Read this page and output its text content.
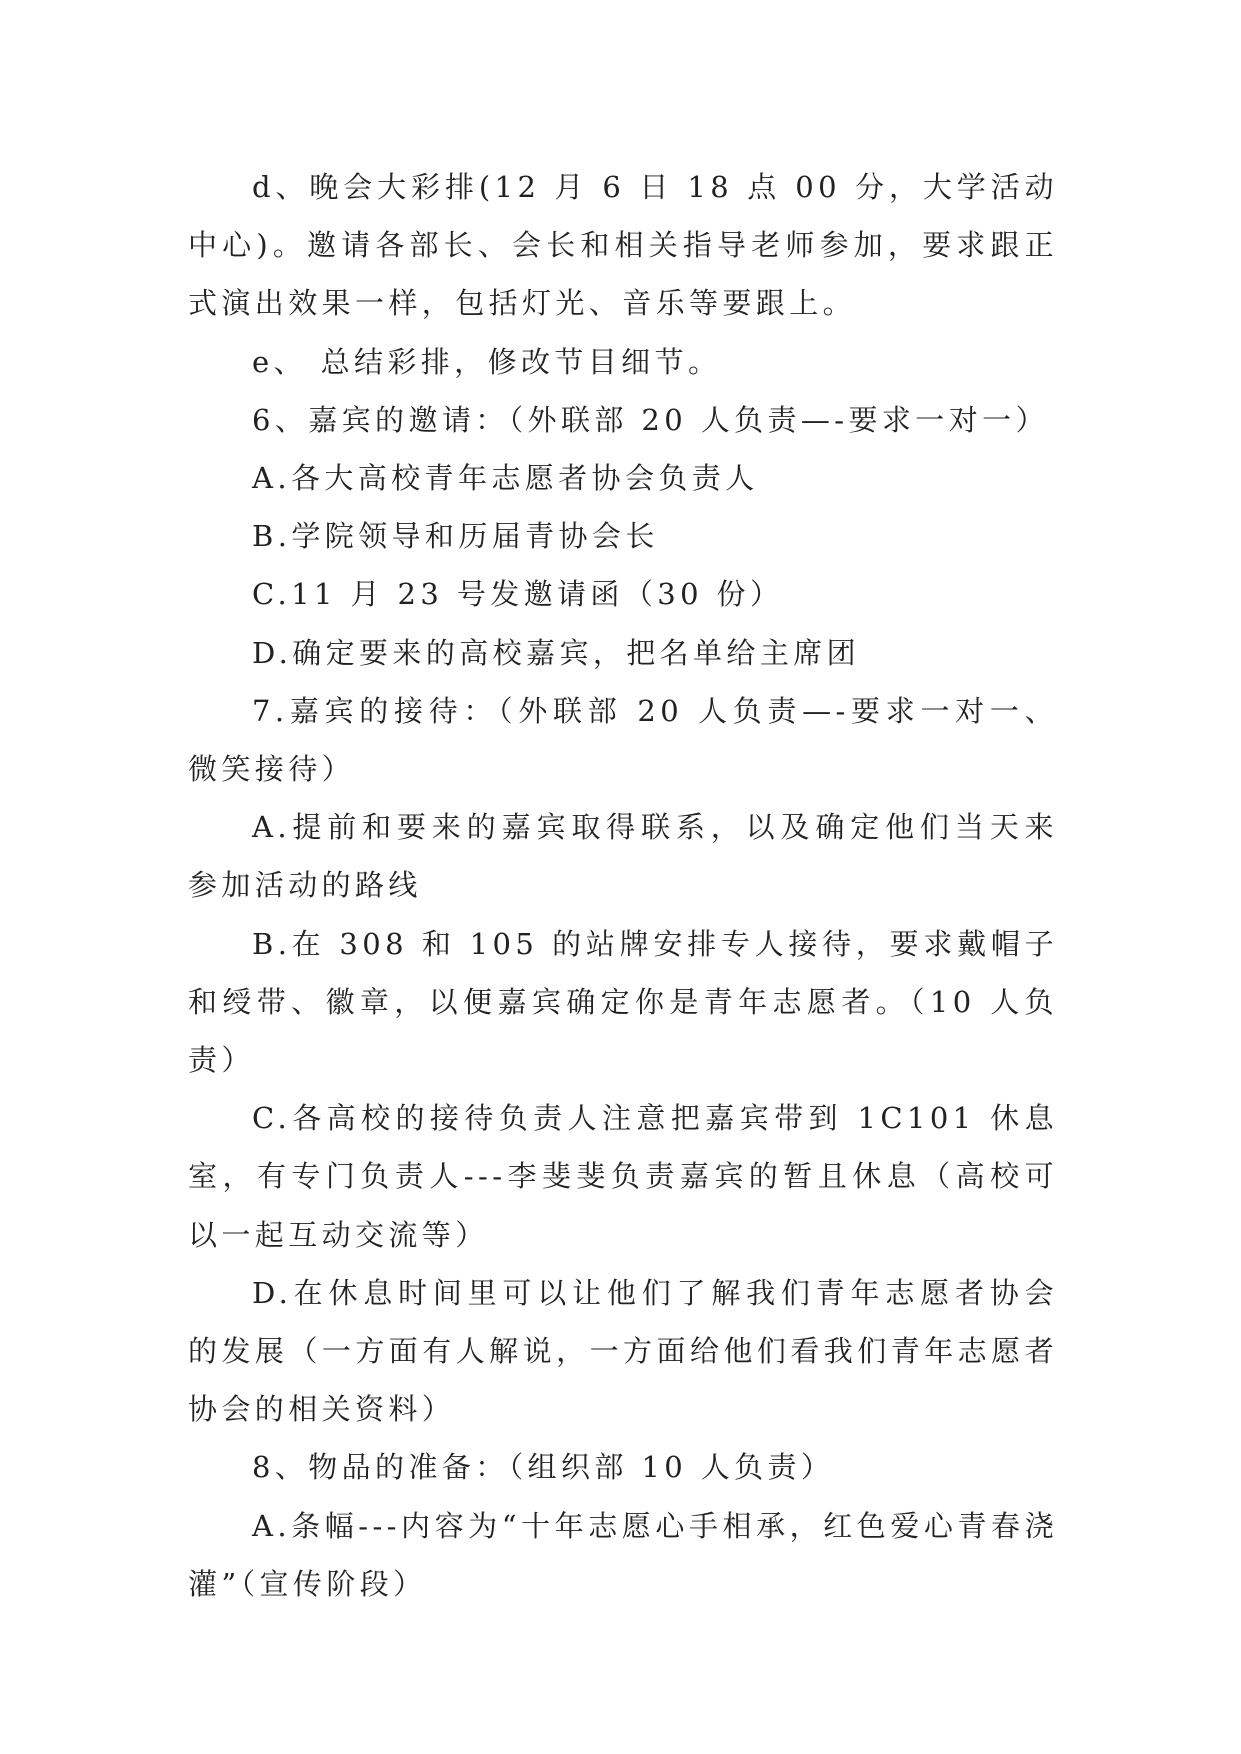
d、晚会大彩排(12 月 6 日 18 点 00 分，大学活动中心)。邀请各部长、会长和相关指导老师参加，要求跟正式演出效果一样，包括灯光、音乐等要跟上。

e、 总结彩排，修改节目细节。

6、嘉宾的邀请：（外联部 20 人负责—-要求一对一）

A.各大高校青年志愿者协会负责人

B.学院领导和历届青协会长

C.11 月 23 号发邀请函（30 份）

D.确定要来的高校嘉宾，把名单给主席团

7.嘉宾的接待：（外联部 20 人负责—-要求一对一、微笑接待）

A.提前和要来的嘉宾取得联系，以及确定他们当天来参加活动的路线

B.在 308 和 105 的站牌安排专人接待，要求戴帽子和绶带、徽章，以便嘉宾确定你是青年志愿者。（10 人负责）

C.各高校的接待负责人注意把嘉宾带到 1C101 休息室，有专门负责人---李斐斐负责嘉宾的暂且休息（高校可以一起互动交流等）

D.在休息时间里可以让他们了解我们青年志愿者协会的发展（一方面有人解说，一方面给他们看我们青年志愿者协会的相关资料）

8、物品的准备：（组织部 10 人负责）

A.条幅---内容为“十年志愿心手相承，红色爱心青春浇灌”（宣传阶段）
